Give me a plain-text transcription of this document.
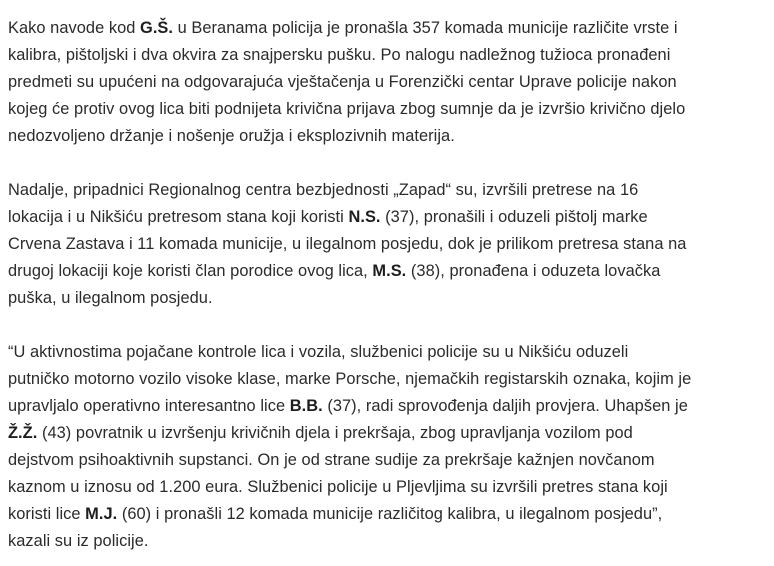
Kako navode kod G.Š. u Beranama policija je pronašla 357 komada municije različite vrste i
kalibra, pištoljski i dva okvira za snajpersku pušku. Po nalogu nadležnog tužioca pronađeni
predmeti su upućeni na odgovarajuća vještačenja u Forenzički centar Uprave policije nakon
kojeg će protiv ovog lica biti podnijeta krivična prijava zbog sumnje da je izvršio krivično djelo
nedozvoljeno držanje i nošenje oružja i eksplozivnih materija.

Nadalje, pripadnici Regionalnog centra bezbjednosti „Zapad“ su, izvršili pretrese na 16
lokacija i u Nikšiću pretresom stana koji koristi N.S. (37), pronašili i oduzeli pištolj marke
Crvena Zastava i 11 komada municije, u ilegalnom posjedu, dok je prilikom pretresa stana na
drugoj lokaciji koje koristi član porodice ovog lica, M.S. (38), pronađena i oduzeta lovačka
puška, u ilegalnom posjedu.

“U aktivnostima pojačane kontrole lica i vozila, službenici policije su u Nikšiću oduzeli
putničko motorno vozilo visoke klase, marke Porsche, njemačkih registarskih oznaka, kojim je
upravljalo operativno interesantno lice B.B. (37), radi sprovođenja daljih provjera. Uhapšen je
Ž.Ž. (43) povratnik u izvršenju krivičnih djela i prekršaja, zbog upravljanja vozilom pod
dejstvom psihoaktivnih supstanci. On je od strane sudije za prekršaje kažnjen novčanom
kaznom u iznosu od 1.200 eura. Službenici policije u Pljevljima su izvršili pretres stana koji
koristi lice M.J. (60) i pronašli 12 komada municije različitog kalibra, u ilegalnom posjedu”,
kazali su iz policije.
